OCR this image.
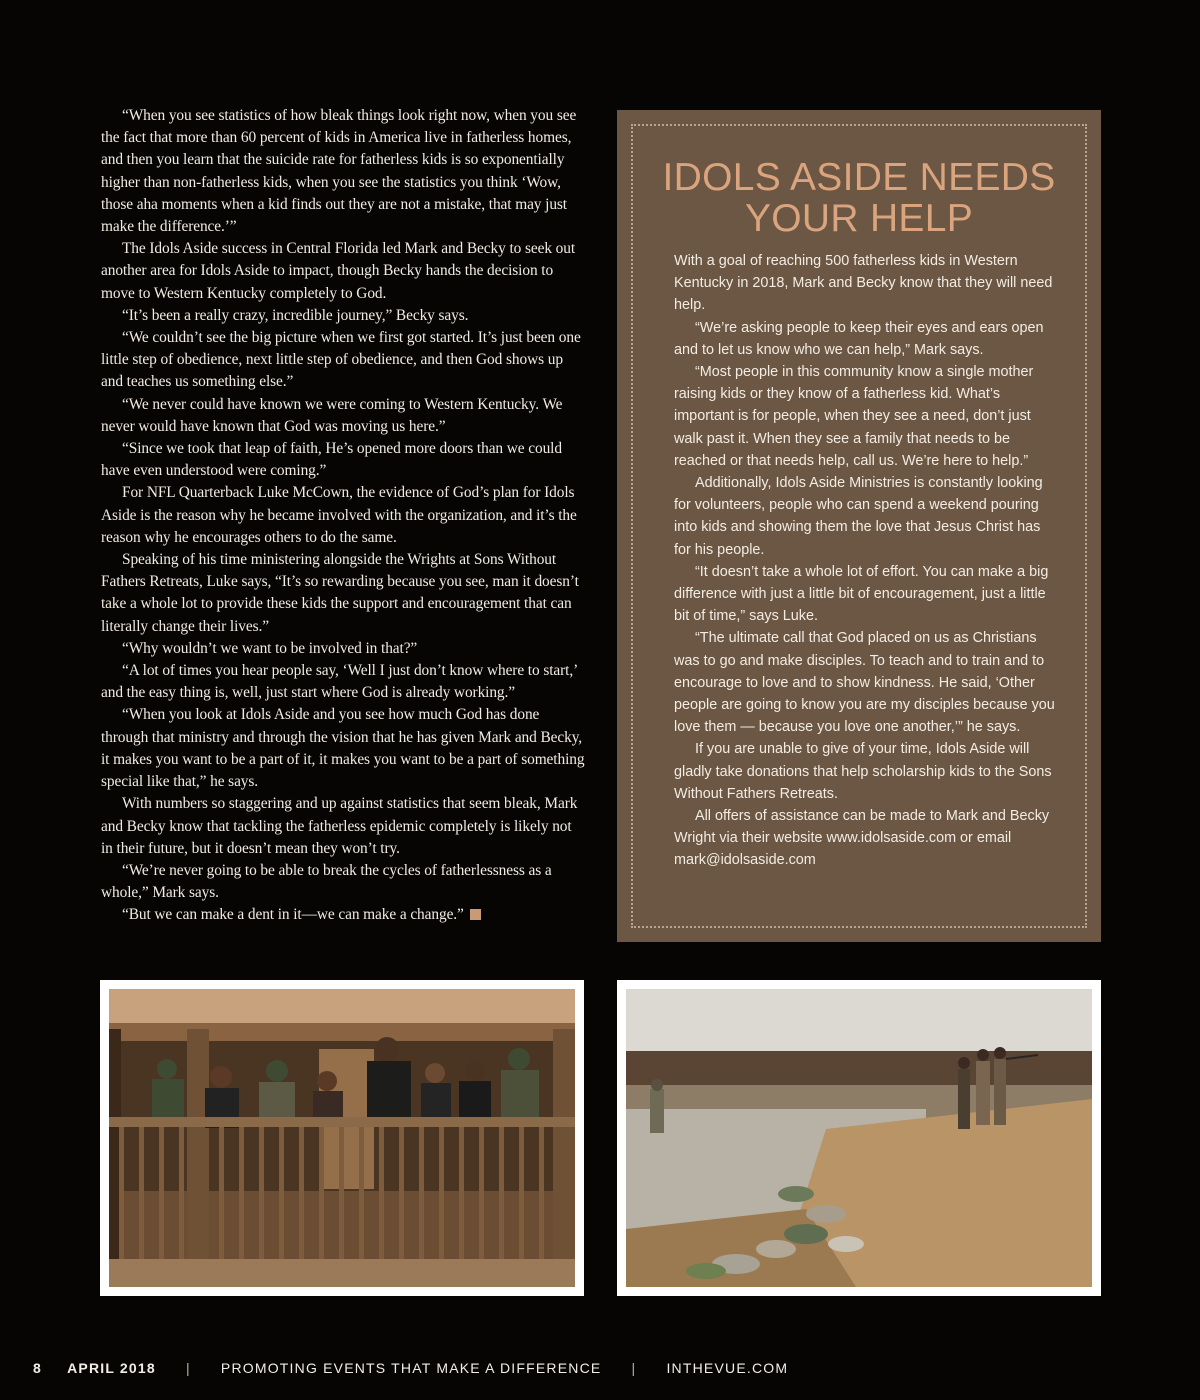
“When you see statistics of how bleak things look right now, when you see the fact that more than 60 percent of kids in America live in fatherless homes, and then you learn that the suicide rate for fatherless kids is so exponentially higher than non-fatherless kids, when you see the statistics you think ‘Wow, those aha moments when a kid finds out they are not a mistake, that may just make the difference.’”

The Idols Aside success in Central Florida led Mark and Becky to seek out another area for Idols Aside to impact, though Becky hands the decision to move to Western Kentucky completely to God.

“It’s been a really crazy, incredible journey,” Becky says.

“We couldn’t see the big picture when we first got started. It’s just been one little step of obedience, next little step of obedience, and then God shows up and teaches us something else.”

“We never could have known we were coming to Western Kentucky. We never would have known that God was moving us here.”

“Since we took that leap of faith, He’s opened more doors than we could have even understood were coming.”

For NFL Quarterback Luke McCown, the evidence of God’s plan for Idols Aside is the reason why he became involved with the organization, and it’s the reason why he encourages others to do the same.

Speaking of his time ministering alongside the Wrights at Sons Without Fathers Retreats, Luke says, “It’s so rewarding because you see, man it doesn’t take a whole lot to provide these kids the support and encouragement that can literally change their lives.”

“Why wouldn’t we want to be involved in that?”

“A lot of times you hear people say, ‘Well I just don’t know where to start,’ and the easy thing is, well, just start where God is already working.”

“When you look at Idols Aside and you see how much God has done through that ministry and through the vision that he has given Mark and Becky, it makes you want to be a part of it, it makes you want to be a part of something special like that,” he says.

With numbers so staggering and up against statistics that seem bleak, Mark and Becky know that tackling the fatherless epidemic completely is likely not in their future, but it doesn’t mean they won’t try.

“We’re never going to be able to break the cycles of fatherlessness as a whole,” Mark says.

“But we can make a dent in it—we can make a change.”

IDOLS ASIDE NEEDS YOUR HELP

With a goal of reaching 500 fatherless kids in Western Kentucky in 2018, Mark and Becky know that they will need help.

“We’re asking people to keep their eyes and ears open and to let us know who we can help,” Mark says.

“Most people in this community know a single mother raising kids or they know of a fatherless kid. What’s important is for people, when they see a need, don’t just walk past it. When they see a family that needs to be reached or that needs help, call us. We’re here to help.”

Additionally, Idols Aside Ministries is constantly looking for volunteers, people who can spend a weekend pouring into kids and showing them the love that Jesus Christ has for his people.

“It doesn’t take a whole lot of effort. You can make a big difference with just a little bit of encouragement, just a little bit of time,” says Luke.

“The ultimate call that God placed on us as Christians was to go and make disciples. To teach and to train and to encourage to love and to show kindness. He said, ‘Other people are going to know you are my disciples because you love them — because you love one another,’” he says.

If you are unable to give of your time, Idols Aside will gladly take donations that help scholarship kids to the Sons Without Fathers Retreats.

All offers of assistance can be made to Mark and Becky Wright via their website www.idolsaside.com or email mark@idolsaside.com

8 APRIL 2018 | PROMOTING EVENTS THAT MAKE A DIFFERENCE | INTHEVUE.COM
